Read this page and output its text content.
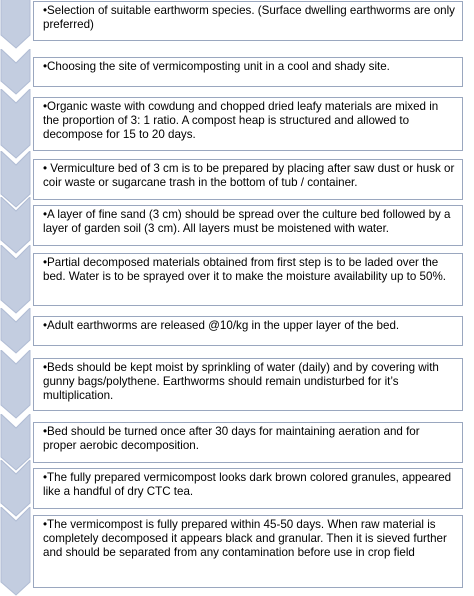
•Selection of suitable earthworm species. (Surface dwelling earthworms are only preferred)
•Choosing the site of vermicomposting unit in a cool and shady site.
•Organic waste with cowdung and chopped dried leafy materials are mixed in the proportion of 3: 1 ratio. A compost heap is structured and allowed to decompose for 15 to 20 days.
• Vermiculture bed of 3 cm is to be prepared by placing after saw dust or husk or coir waste or sugarcane trash in the bottom of tub / container.
•A layer of fine sand (3 cm) should be spread over the culture bed followed by a layer of garden soil (3 cm). All layers must be moistened with water.
•Partial decomposed materials obtained from first step is to be laded over the bed. Water is to be sprayed over it to make the moisture availability up to 50%.
•Adult earthworms are released @10/kg in the upper layer of the bed.
•Beds should be kept moist by sprinkling of water (daily) and by covering with gunny bags/polythene. Earthworms should remain undisturbed for it’s multiplication.
•Bed should be turned once after 30 days for maintaining aeration and for proper aerobic decomposition.
•The fully prepared vermicompost looks dark brown colored granules, appeared like a handful of dry CTC tea.
•The vermicompost is fully prepared within 45-50 days. When raw material is completely decomposed it appears black and granular. Then it is sieved further and should be separated from any contamination before use in crop field
